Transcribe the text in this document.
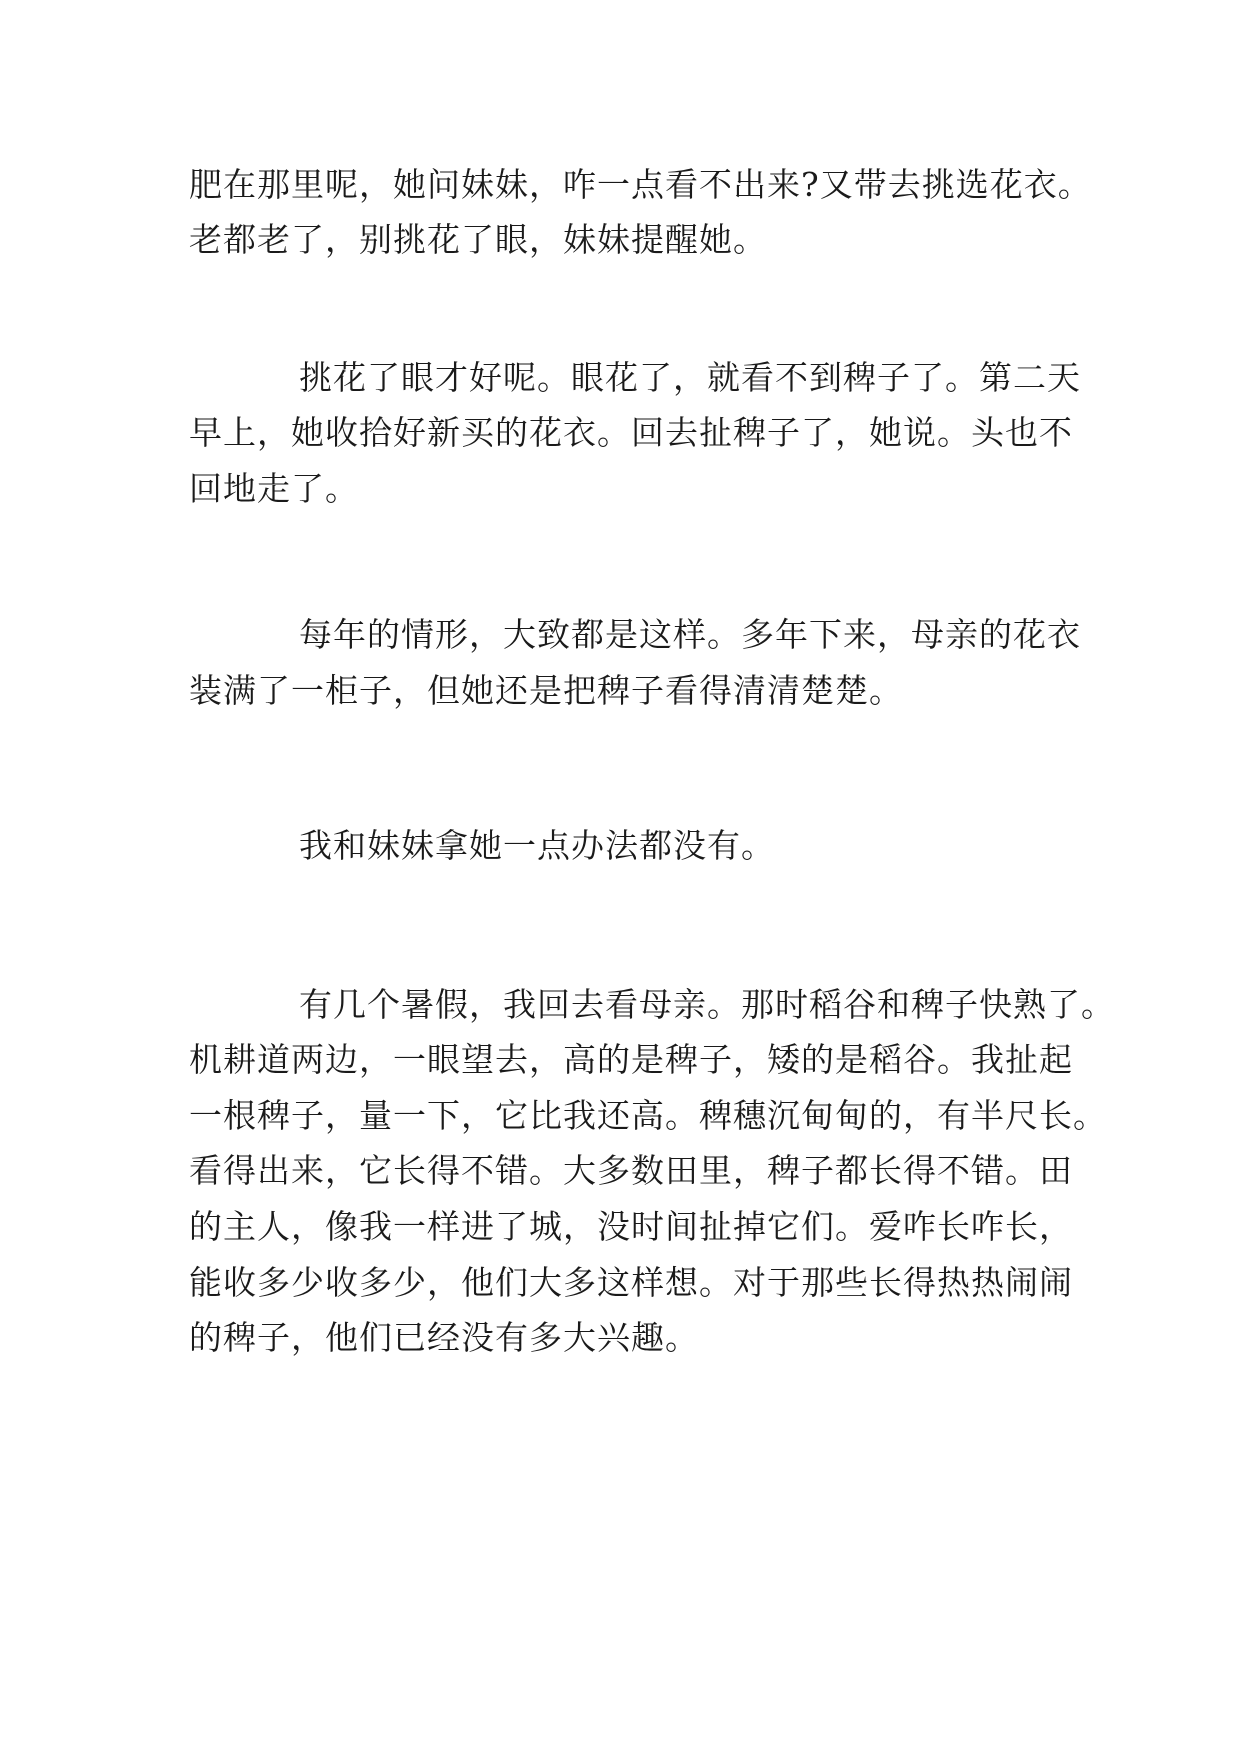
肥在那里呢，她问妹妹，咋一点看不出来?又带去挑选花衣。
老都老了，别挑花了眼，妹妹提醒她。
挑花了眼才好呢。眼花了，就看不到稗子了。第二天
早上，她收拾好新买的花衣。回去扯稗子了，她说。头也不
回地走了。
每年的情形，大致都是这样。多年下来，母亲的花衣
装满了一柜子，但她还是把稗子看得清清楚楚。
我和妹妹拿她一点办法都没有。
有几个暑假，我回去看母亲。那时稻谷和稗子快熟了。
机耕道两边，一眼望去，高的是稗子，矮的是稻谷。我扯起
一根稗子，量一下，它比我还高。稗穗沉甸甸的，有半尺长。
看得出来，它长得不错。大多数田里，稗子都长得不错。田
的主人，像我一样进了城，没时间扯掉它们。爱咋长咋长，
能收多少收多少，他们大多这样想。对于那些长得热热闹闹
的稗子，他们已经没有多大兴趣。
